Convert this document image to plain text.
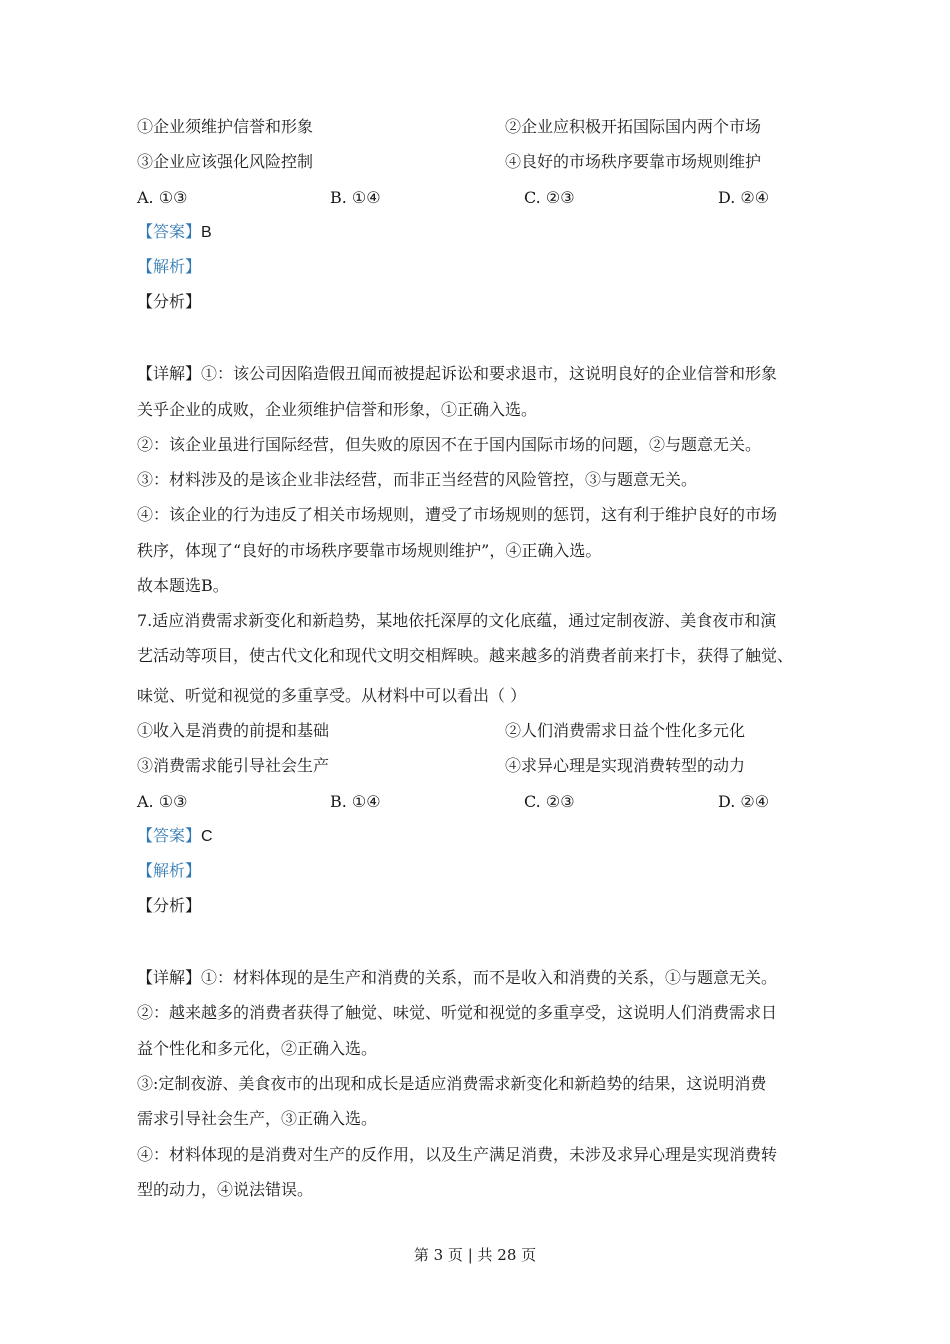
①企业须维护信誉和形象	②企业应积极开拓国际国内两个市场
③企业应该强化风险控制	④良好的市场秩序要靠市场规则维护
A. ①③	B. ①④	C. ②③	D. ②④
【答案】B
【解析】
【分析】
【详解】①：该公司因陷造假丑闻而被提起诉讼和要求退市，这说明良好的企业信誉和形象
关乎企业的成败，企业须维护信誉和形象，①正确入选。
②：该企业虽进行国际经营，但失败的原因不在于国内国际市场的问题，②与题意无关。
③：材料涉及的是该企业非法经营，而非正当经营的风险管控，③与题意无关。
④：该企业的行为违反了相关市场规则，遭受了市场规则的惩罚，这有利于维护良好的市场
秩序，体现了“良好的市场秩序要靠市场规则维护”，④正确入选。
故本题选B。
7.适应消费需求新变化和新趋势，某地依托深厚的文化底蕴，通过定制夜游、美食夜市和演
艺活动等项目，使古代文化和现代文明交相辉映。越来越多的消费者前来打卡，获得了触觉、
味觉、听觉和视觉的多重享受。从材料中可以看出（ ）
①收入是消费的前提和基础	②人们消费需求日益个性化多元化
③消费需求能引导社会生产	④求异心理是实现消费转型的动力
A. ①③	B. ①④	C. ②③	D. ②④
【答案】C
【解析】
【分析】
【详解】①：材料体现的是生产和消费的关系，而不是收入和消费的关系，①与题意无关。
②：越来越多的消费者获得了触觉、味觉、听觉和视觉的多重享受，这说明人们消费需求日
益个性化和多元化，②正确入选。
③:定制夜游、美食夜市的出现和成长是适应消费需求新变化和新趋势的结果，这说明消费
需求引导社会生产，③正确入选。
④：材料体现的是消费对生产的反作用，以及生产满足消费，未涉及求异心理是实现消费转
型的动力，④说法错误。
第 3 页 | 共 28 页
